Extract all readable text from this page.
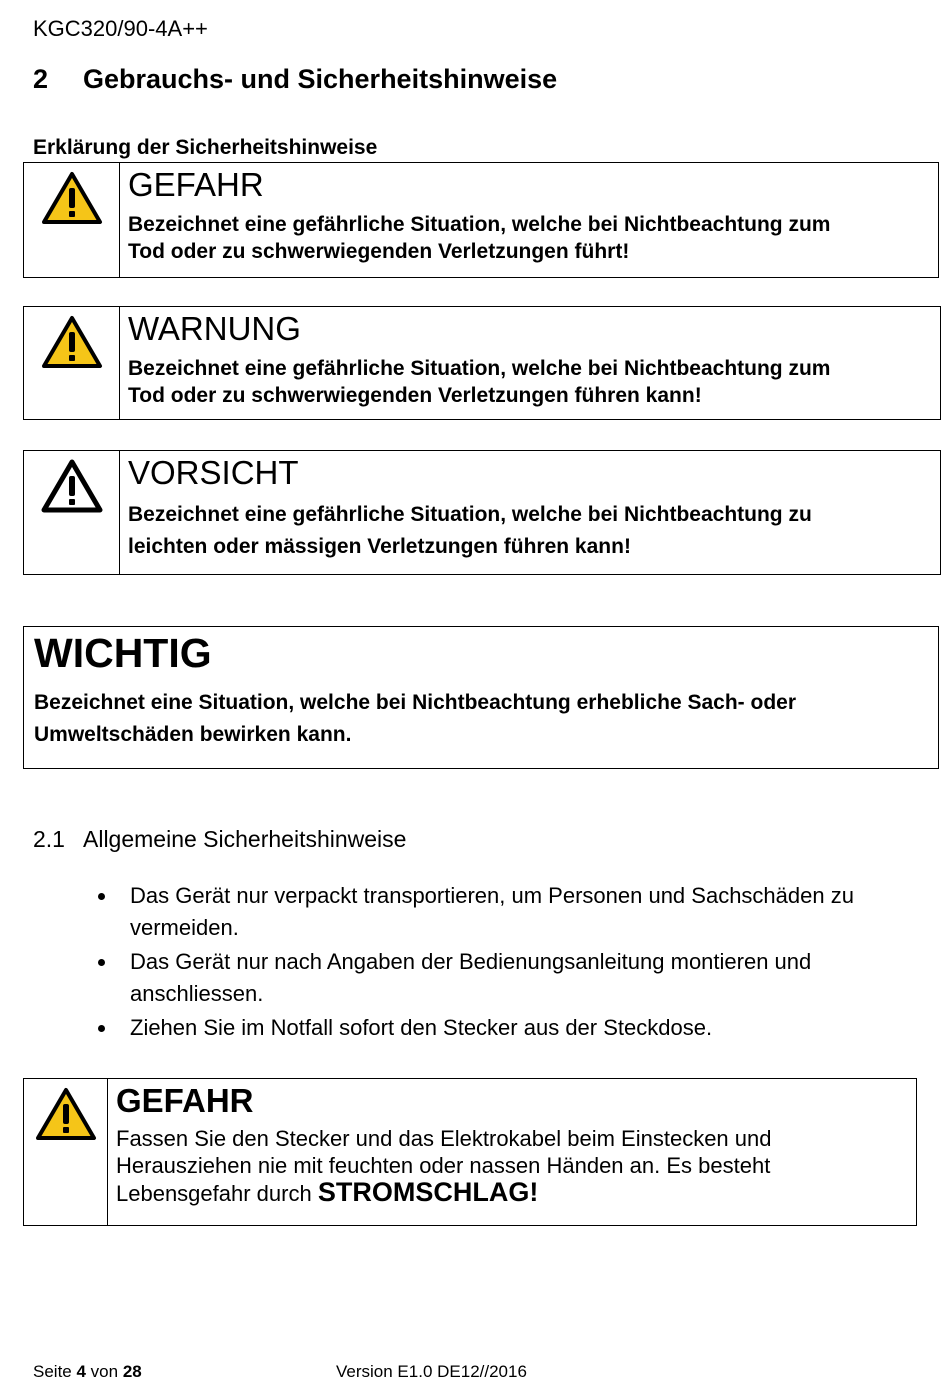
KGC320/90-4A++
2 Gebrauchs- und Sicherheitshinweise
Erklärung der Sicherheitshinweise
GEFAHR
Bezeichnet eine gefährliche Situation, welche bei Nichtbeachtung zum
Tod oder zu schwerwiegenden Verletzungen führt!
WARNUNG
Bezeichnet eine gefährliche Situation, welche bei Nichtbeachtung zum
Tod oder zu schwerwiegenden Verletzungen führen kann!
VORSICHT
Bezeichnet eine gefährliche Situation, welche bei Nichtbeachtung zu
leichten oder mässigen Verletzungen führen kann!
WICHTIG
Bezeichnet eine Situation, welche bei Nichtbeachtung erhebliche Sach- oder
Umweltschäden bewirken kann.
2.1 Allgemeine Sicherheitshinweise
Das Gerät nur verpackt transportieren, um Personen und Sachschäden zu
vermeiden.
Das Gerät nur nach Angaben der Bedienungsanleitung montieren und
anschliessen.
Ziehen Sie im Notfall sofort den Stecker aus der Steckdose.
GEFAHR
Fassen Sie den Stecker und das Elektrokabel beim Einstecken und
Herausziehen nie mit feuchten oder nassen Händen an. Es besteht
Lebensgefahr durch STROMSCHLAG!
Seite 4 von 28	Version E1.0 DE12//2016
